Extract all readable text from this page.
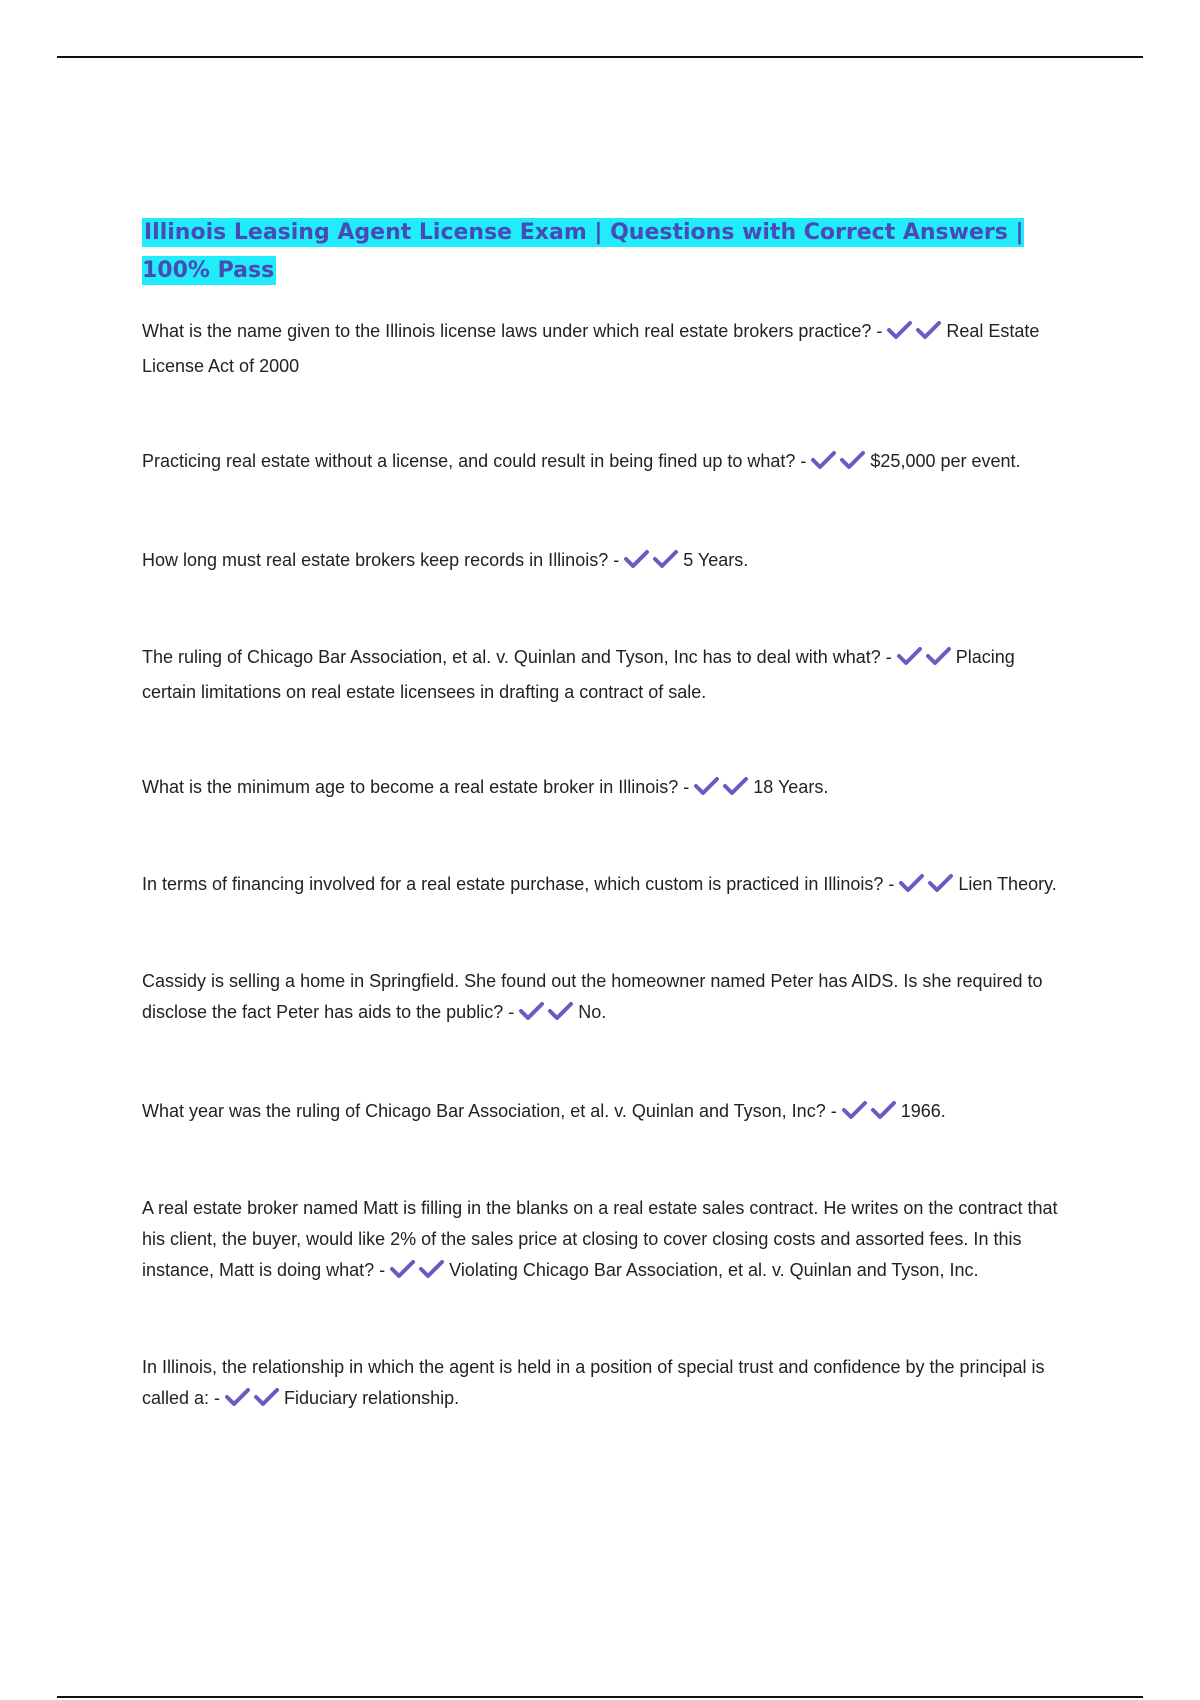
Illinois Leasing Agent License Exam | Questions with Correct Answers | 100% Pass

What is the name given to the Illinois license laws under which real estate brokers practice? -	Real Estate License Act of 2000

Practicing real estate without a license, and could result in being fined up to what? -	$25,000 per event.

How long must real estate brokers keep records in Illinois? -	5 Years.

The ruling of Chicago Bar Association, et al. v. Quinlan and Tyson, Inc has to deal with what? -	Placing certain limitations on real estate licensees in drafting a contract of sale.

What is the minimum age to become a real estate broker in Illinois? -	18 Years.

In terms of financing involved for a real estate purchase, which custom is practiced in Illinois? -	Lien Theory.

Cassidy is selling a home in Springfield. She found out the homeowner named Peter has AIDS. Is she required to disclose the fact Peter has aids to the public? -	No.

What year was the ruling of Chicago Bar Association, et al. v. Quinlan and Tyson, Inc? -	1966.

A real estate broker named Matt is filling in the blanks on a real estate sales contract. He writes on the contract that his client, the buyer, would like 2% of the sales price at closing to cover closing costs and assorted fees. In this instance, Matt is doing what? -	Violating Chicago Bar Association, et al. v. Quinlan and Tyson, Inc.

In Illinois, the relationship in which the agent is held in a position of special trust and confidence by the principal is called a: -	Fiduciary relationship.
